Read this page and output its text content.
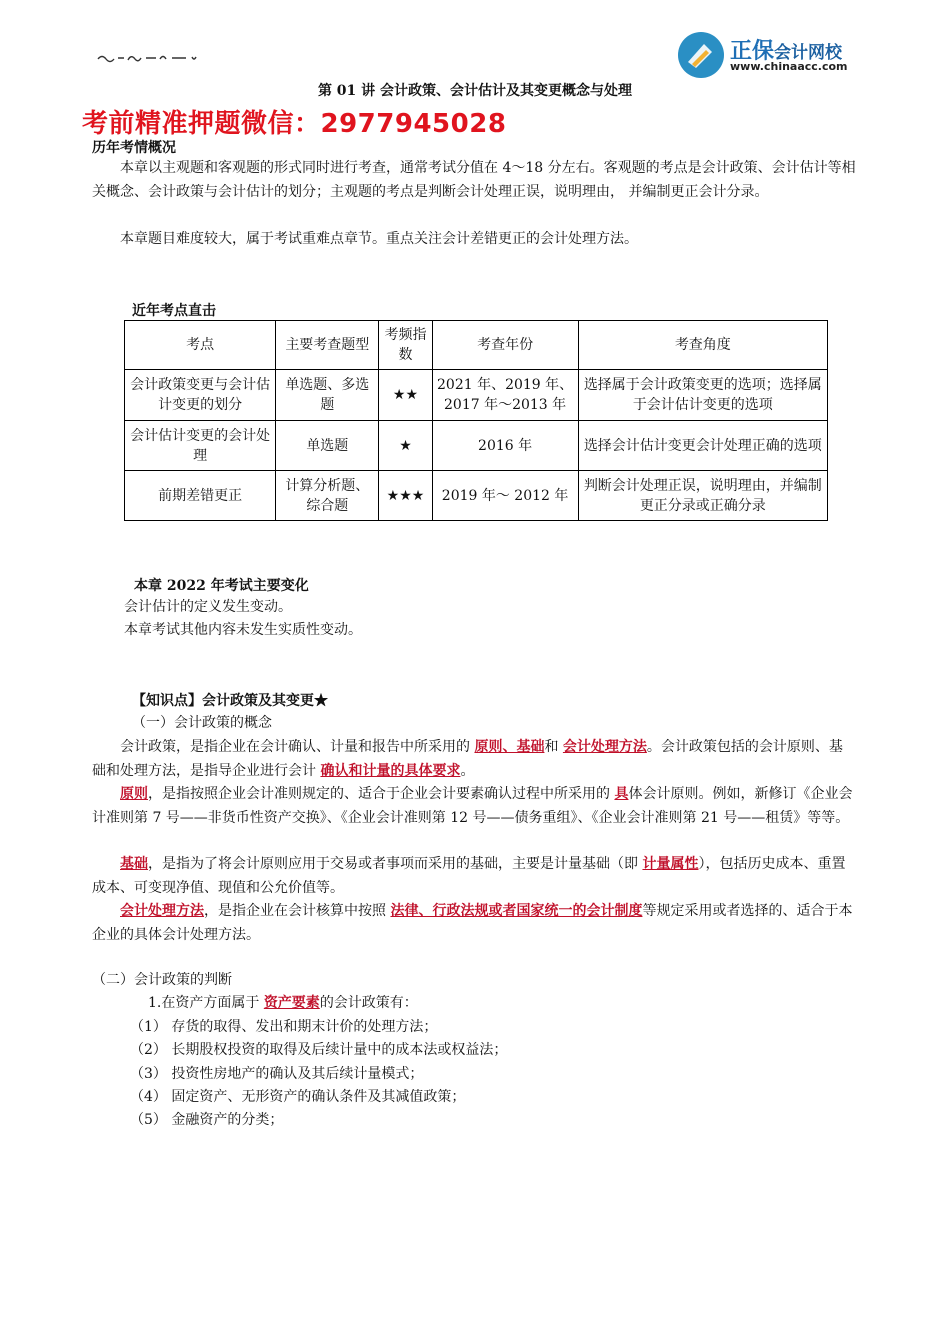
正保会计网校
www.chinaacc.com
第 01 讲 会计政策、会计估计及其变更概念与处理
考前精准押题微信：2977945028
历年考情概况
本章以主观题和客观题的形式同时进行考查，通常考试分值在 4～18 分左右。客观题的考点是会计政策、会计估计等相关概念、会计政策与会计估计的划分；主观题的考点是判断会计处理正误，说明理由， 并编制更正会计分录。
本章题目难度较大，属于考试重难点章节。重点关注会计差错更正的会计处理方法。
近年考点直击
考点	主要考查题型	考频指数	考查年份	考查角度
会计政策变更与会计估计变更的划分	单选题、多选题	★★	2021 年、2019 年、2017 年～2013 年	选择属于会计政策变更的选项；选择属于会计估计变更的选项
会计估计变更的会计处理	单选题	★	2016 年	选择会计估计变更会计处理正确的选项
前期差错更正	计算分析题、综合题	★★★	2019 年～ 2012 年	判断会计处理正误，说明理由，并编制更正分录或正确分录
本章 2022 年考试主要变化
会计估计的定义发生变动。
本章考试其他内容未发生实质性变动。
【知识点】会计政策及其变更★
（一）会计政策的概念
会计政策，是指企业在会计确认、计量和报告中所采用的 原则、基础和 会计处理方法。会计政策包括的会计原则、基础和处理方法，是指导企业进行会计 确认和计量的具体要求。
原则，是指按照企业会计准则规定的、适合于企业会计要素确认过程中所采用的 具体会计原则。例如，新修订《企业会计准则第 7 号——非货币性资产交换》、《企业会计准则第 12 号——债务重组》、《企业会计准则第 21 号——租赁》等等。
基础，是指为了将会计原则应用于交易或者事项而采用的基础，主要是计量基础（即 计量属性），包括历史成本、重置成本、可变现净值、现值和公允价值等。
会计处理方法，是指企业在会计核算中按照 法律、行政法规或者国家统一的会计制度等规定采用或者选择的、适合于本企业的具体会计处理方法。
（二）会计政策的判断
1.在资产方面属于 资产要素的会计政策有：
（1） 存货的取得、发出和期末计价的处理方法；
（2） 长期股权投资的取得及后续计量中的成本法或权益法；
（3） 投资性房地产的确认及其后续计量模式；
（4） 固定资产、无形资产的确认条件及其减值政策；
（5） 金融资产的分类；
